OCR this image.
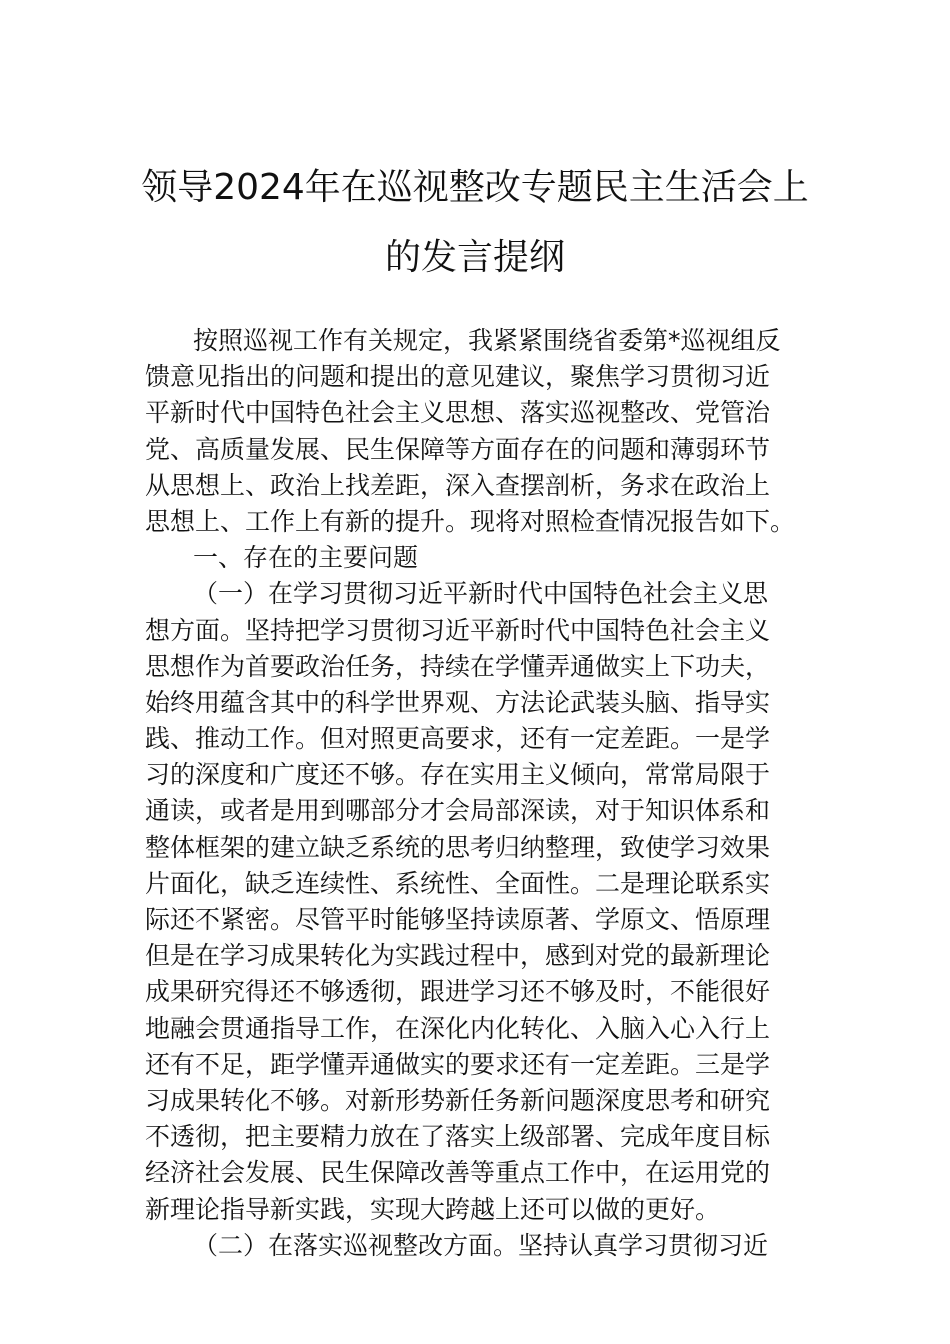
领导2024年在巡视整改专题民主生活会上
的发言提纲
按照巡视工作有关规定，我紧紧围绕省委第*巡视组反
馈意见指出的问题和提出的意见建议，聚焦学习贯彻习近
平新时代中国特色社会主义思想、落实巡视整改、党管治
党、高质量发展、民生保障等方面存在的问题和薄弱环节
从思想上、政治上找差距，深入查摆剖析，务求在政治上
思想上、工作上有新的提升。现将对照检查情况报告如下。
一、存在的主要问题
（一）在学习贯彻习近平新时代中国特色社会主义思
想方面。坚持把学习贯彻习近平新时代中国特色社会主义
思想作为首要政治任务，持续在学懂弄通做实上下功夫，
始终用蕴含其中的科学世界观、方法论武装头脑、指导实
践、推动工作。但对照更高要求，还有一定差距。一是学
习的深度和广度还不够。存在实用主义倾向，常常局限于
通读，或者是用到哪部分才会局部深读，对于知识体系和
整体框架的建立缺乏系统的思考归纳整理，致使学习效果
片面化，缺乏连续性、系统性、全面性。二是理论联系实
际还不紧密。尽管平时能够坚持读原著、学原文、悟原理
但是在学习成果转化为实践过程中，感到对党的最新理论
成果研究得还不够透彻，跟进学习还不够及时，不能很好
地融会贯通指导工作，在深化内化转化、入脑入心入行上
还有不足，距学懂弄通做实的要求还有一定差距。三是学
习成果转化不够。对新形势新任务新问题深度思考和研究
不透彻，把主要精力放在了落实上级部署、完成年度目标
经济社会发展、民生保障改善等重点工作中，在运用党的
新理论指导新实践，实现大跨越上还可以做的更好。
（二）在落实巡视整改方面。坚持认真学习贯彻习近
